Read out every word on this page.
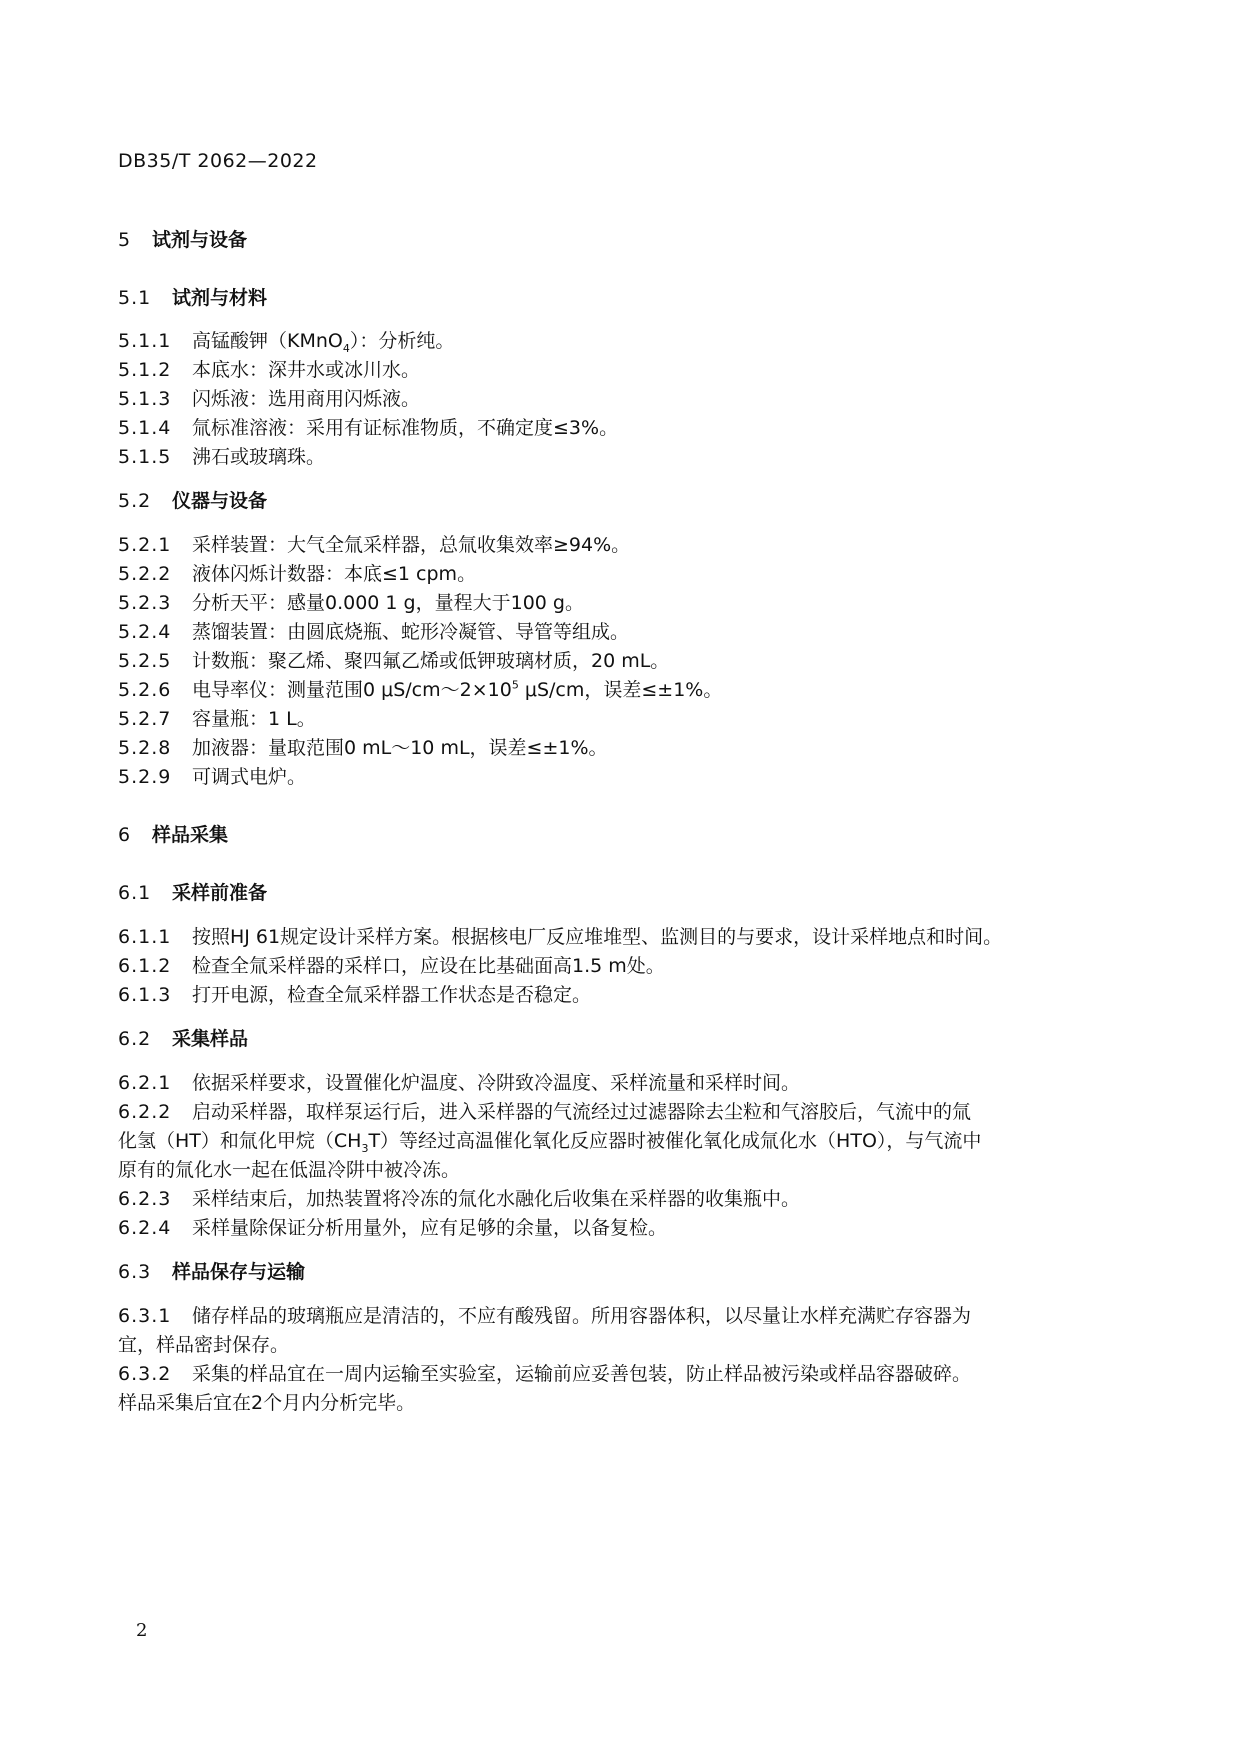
DB35/T 2062—2022
5 试剂与设备
5.1 试剂与材料
5.1.1 高锰酸钾（KMnO$_4$）：分析纯。
5.1.2 本底水：深井水或冰川水。
5.1.3 闪烁液：选用商用闪烁液。
5.1.4 氚标准溶液：采用有证标准物质，不确定度≤3%。
5.1.5 沸石或玻璃珠。
5.2 仪器与设备
5.2.1 采样装置：大气全氚采样器，总氚收集效率≥94%。
5.2.2 液体闪烁计数器：本底≤1 cpm。
5.2.3 分析天平：感量0.000 1 g，量程大于100 g。
5.2.4 蒸馏装置：由圆底烧瓶、蛇形冷凝管、导管等组成。
5.2.5 计数瓶：聚乙烯、聚四氟乙烯或低钾玻璃材质，20 mL。
5.2.6 电导率仪：测量范围0 $\mu S/cm\sim 2\times 10^5$ μS/cm，误差≤±1%。
5.2.7 容量瓶：1 L。
5.2.8 加液器：量取范围0 mL～10 mL，误差≤±1%。
5.2.9 可调式电炉。
6 样品采集
6.1 采样前准备
6.1.1 按照HJ 61规定设计采样方案。根据核电厂反应堆堆型、监测目的与要求，设计采样地点和时间。
6.1.2 检查全氚采样器的采样口，应设在比基础面高1.5 m处。
6.1.3 打开电源，检查全氚采样器工作状态是否稳定。
6.2 采集样品
6.2.1 依据采样要求，设置催化炉温度、冷阱致冷温度、采样流量和采样时间。
6.2.2 启动采样器，取样泵运行后，进入采样器的气流经过过滤器除去尘粒和气溶胶后，气流中的氚
化氢（HT）和氚化甲烷$(CH_3T)$等经过高温催化氧化反应器时被催化氧化成氚化水（HTO），与气流中
原有的氚化水一起在低温冷阱中被冷冻。
6.2.3 采样结束后，加热装置将冷冻的氚化水融化后收集在采样器的收集瓶中。
6.2.4 采样量除保证分析用量外，应有足够的余量，以备复检。
6.3 样品保存与运输
6.3.1 储存样品的玻璃瓶应是清洁的，不应有酸残留。所用容器体积，以尽量让水样充满贮存容器为
宜，样品密封保存。
6.3.2 采集的样品宜在一周内运输至实验室，运输前应妥善包装，防止样品被污染或样品容器破碎。
样品采集后宜在2个月内分析完毕。
2
